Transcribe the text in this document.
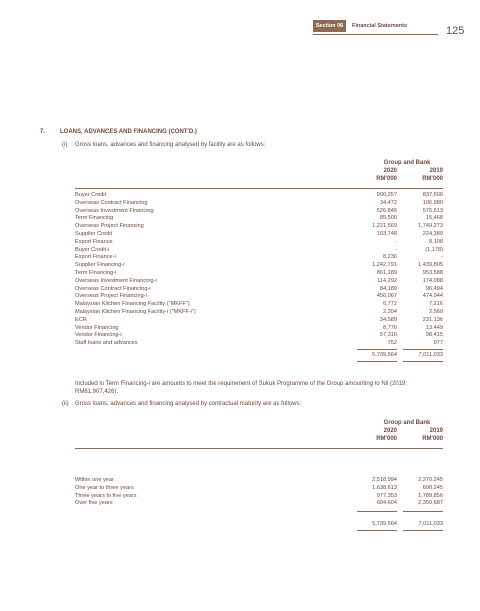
Section 06	Financial Statements	125
7. LOANS, ADVANCES AND FINANCING (CONT'D.)
(i) Gross loans, advances and financing analysed by facility are as follows:
Group and Bank
2020	2019
RM'000	RM'000
Buyer Credit	990,257	837,608
Overseas Contract Financing	34,472	106,980
Overseas Investment Financing	526,845	576,613
Term Financing	85,500	15,468
Overseas Project Financing	1,221,569	1,749,273
Supplier Credit	103,748	224,389
Export Finance	-	8,108
Buyer Credit-i	-	(1,178)
Export Finance-i	8,236	-
Supplier Financing-i	1,242,791	1,439,805
Term Financing-i	861,189	953,588
Overseas Investment Financing-i	114,292	174,088
Overseas Contract Financing-i	84,189	96,494
Overseas Project Financing-i	456,067	474,044
Malaysian Kitchen Financing Facility ("MKFF")	6,772	7,216
Malaysian Kitchen Financing Facility-i ("MKFF-i")	2,204	2,560
ECR	34,589	231,136
Vendor Financing	8,776	13,449
Vendor Financing-i	57,316	98,415
Staff loans and advances	752	977
5,739,564	7,011,033
Included in Term Financing-i are amounts to meet the requirement of Sukuk Programme of the Group amounting to Nil (2019: RM61,907,426).
(ii) Gross loans, advances and financing analysed by contractual maturity are as follows:
Group and Bank
2020	2019
RM'000	RM'000
Within one year	2,518,994	2,270,245
One year to three years	1,638,613	600,245
Three years to five years	977,353	1,789,856
Over five years	604,604	2,350,687
5,739,564	7,011,033
